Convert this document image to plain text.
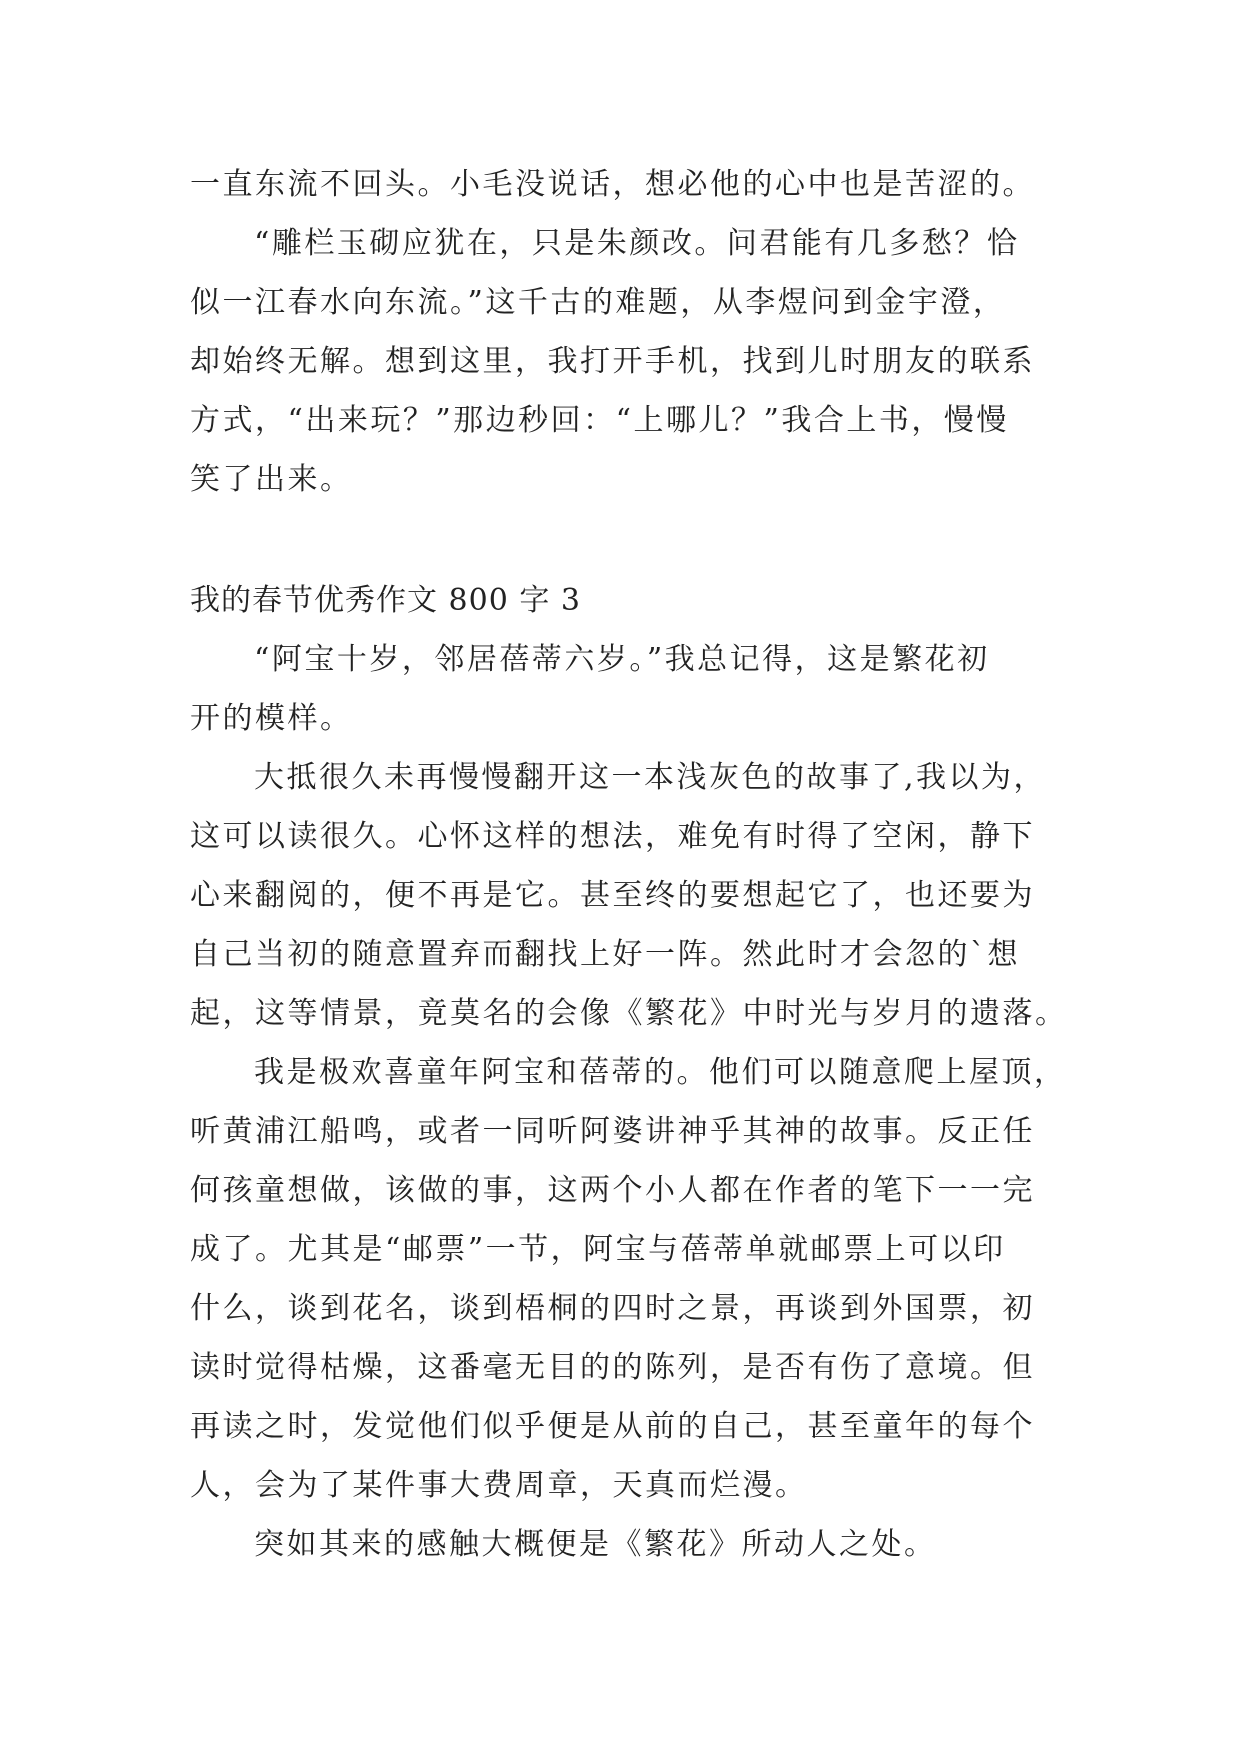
一直东流不回头。小毛没说话，想必他的心中也是苦涩的。
“雕栏玉砌应犹在，只是朱颜改。问君能有几多愁？恰
似一江春水向东流。”这千古的难题，从李煜问到金宇澄，
却始终无解。想到这里，我打开手机，找到儿时朋友的联系
方式，“出来玩？”那边秒回：“上哪儿？”我合上书，慢慢
笑了出来。
我的春节优秀作文 800 字 3
“阿宝十岁，邻居蓓蒂六岁。”我总记得，这是繁花初
开的模样。
大抵很久未再慢慢翻开这一本浅灰色的故事了,我以为，
这可以读很久。心怀这样的想法，难免有时得了空闲，静下
心来翻阅的，便不再是它。甚至终的要想起它了，也还要为
自己当初的随意置弃而翻找上好一阵。然此时才会忽的`想
起，这等情景，竟莫名的会像《繁花》中时光与岁月的遗落。
我是极欢喜童年阿宝和蓓蒂的。他们可以随意爬上屋顶，
听黄浦江船鸣，或者一同听阿婆讲神乎其神的故事。反正任
何孩童想做，该做的事，这两个小人都在作者的笔下一一完
成了。尤其是“邮票”一节，阿宝与蓓蒂单就邮票上可以印
什么，谈到花名，谈到梧桐的四时之景，再谈到外国票，初
读时觉得枯燥，这番毫无目的的陈列，是否有伤了意境。但
再读之时，发觉他们似乎便是从前的自己，甚至童年的每个
人，会为了某件事大费周章，天真而烂漫。
突如其来的感触大概便是《繁花》所动人之处。
